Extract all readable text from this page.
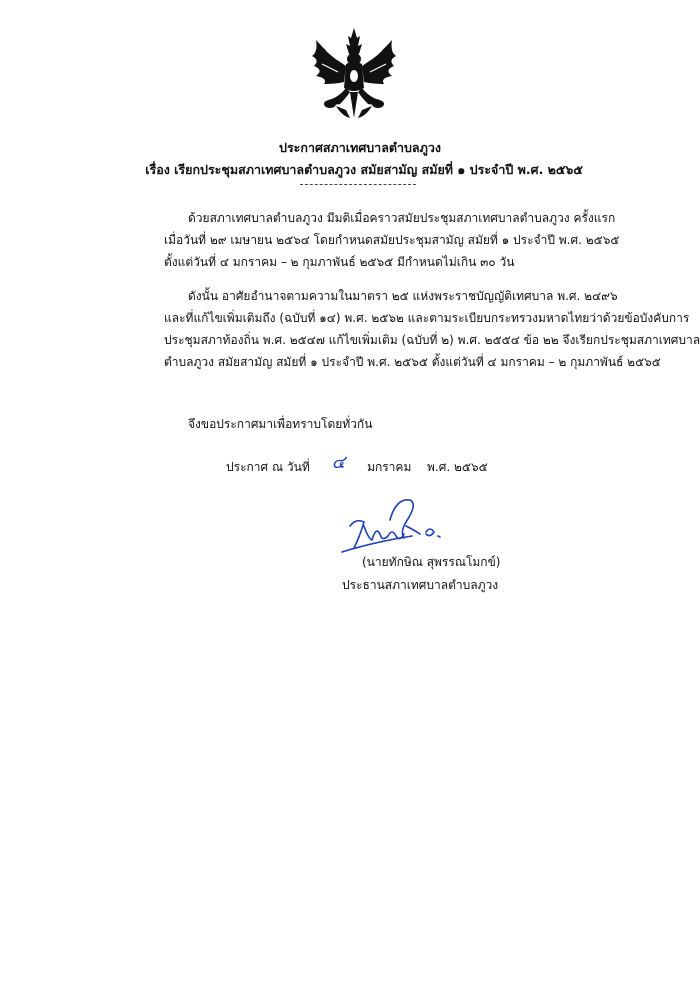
ประกาศสภาเทศบาลตำบลภูวง
เรื่อง เรียกประชุมสภาเทศบาลตำบลภูวง สมัยสามัญ สมัยที่ ๑ ประจำปี พ.ศ. ๒๕๖๕
ด้วยสภาเทศบาลตำบลภูวง มีมติเมื่อคราวสมัยประชุมสภาเทศบาลตำบลภูวง ครั้งแรก
เมื่อวันที่ ๒๙ เมษายน ๒๕๖๔ โดยกำหนดสมัยประชุมสามัญ สมัยที่ ๑ ประจำปี พ.ศ. ๒๕๖๕
ตั้งแต่วันที่ ๔ มกราคม – ๒ กุมภาพันธ์ ๒๕๖๕ มีกำหนดไม่เกิน ๓๐ วัน
ดังนั้น อาศัยอำนาจตามความในมาตรา ๒๕ แห่งพระราชบัญญัติเทศบาล พ.ศ. ๒๔๙๖
และที่แก้ไขเพิ่มเติมถึง (ฉบับที่ ๑๔) พ.ศ. ๒๕๖๒ และตามระเบียบกระทรวงมหาดไทยว่าด้วยข้อบังคับการ
ประชุมสภาท้องถิ่น พ.ศ. ๒๕๔๗ แก้ไขเพิ่มเติม (ฉบับที่ ๒) พ.ศ. ๒๕๕๔ ข้อ ๒๒ จึงเรียกประชุมสภาเทศบาล
ตำบลภูวง สมัยสามัญ สมัยที่ ๑ ประจำปี พ.ศ. ๒๕๖๕ ตั้งแต่วันที่ ๔ มกราคม – ๒ กุมภาพันธ์ ๒๕๖๕
จึงขอประกาศมาเพื่อทราบโดยทั่วกัน
ประกาศ ณ วันที่ ๔ มกราคม พ.ศ. ๒๕๖๕
(นายทักษิณ สุพรรณโมกข์)
ประธานสภาเทศบาลตำบลภูวง
